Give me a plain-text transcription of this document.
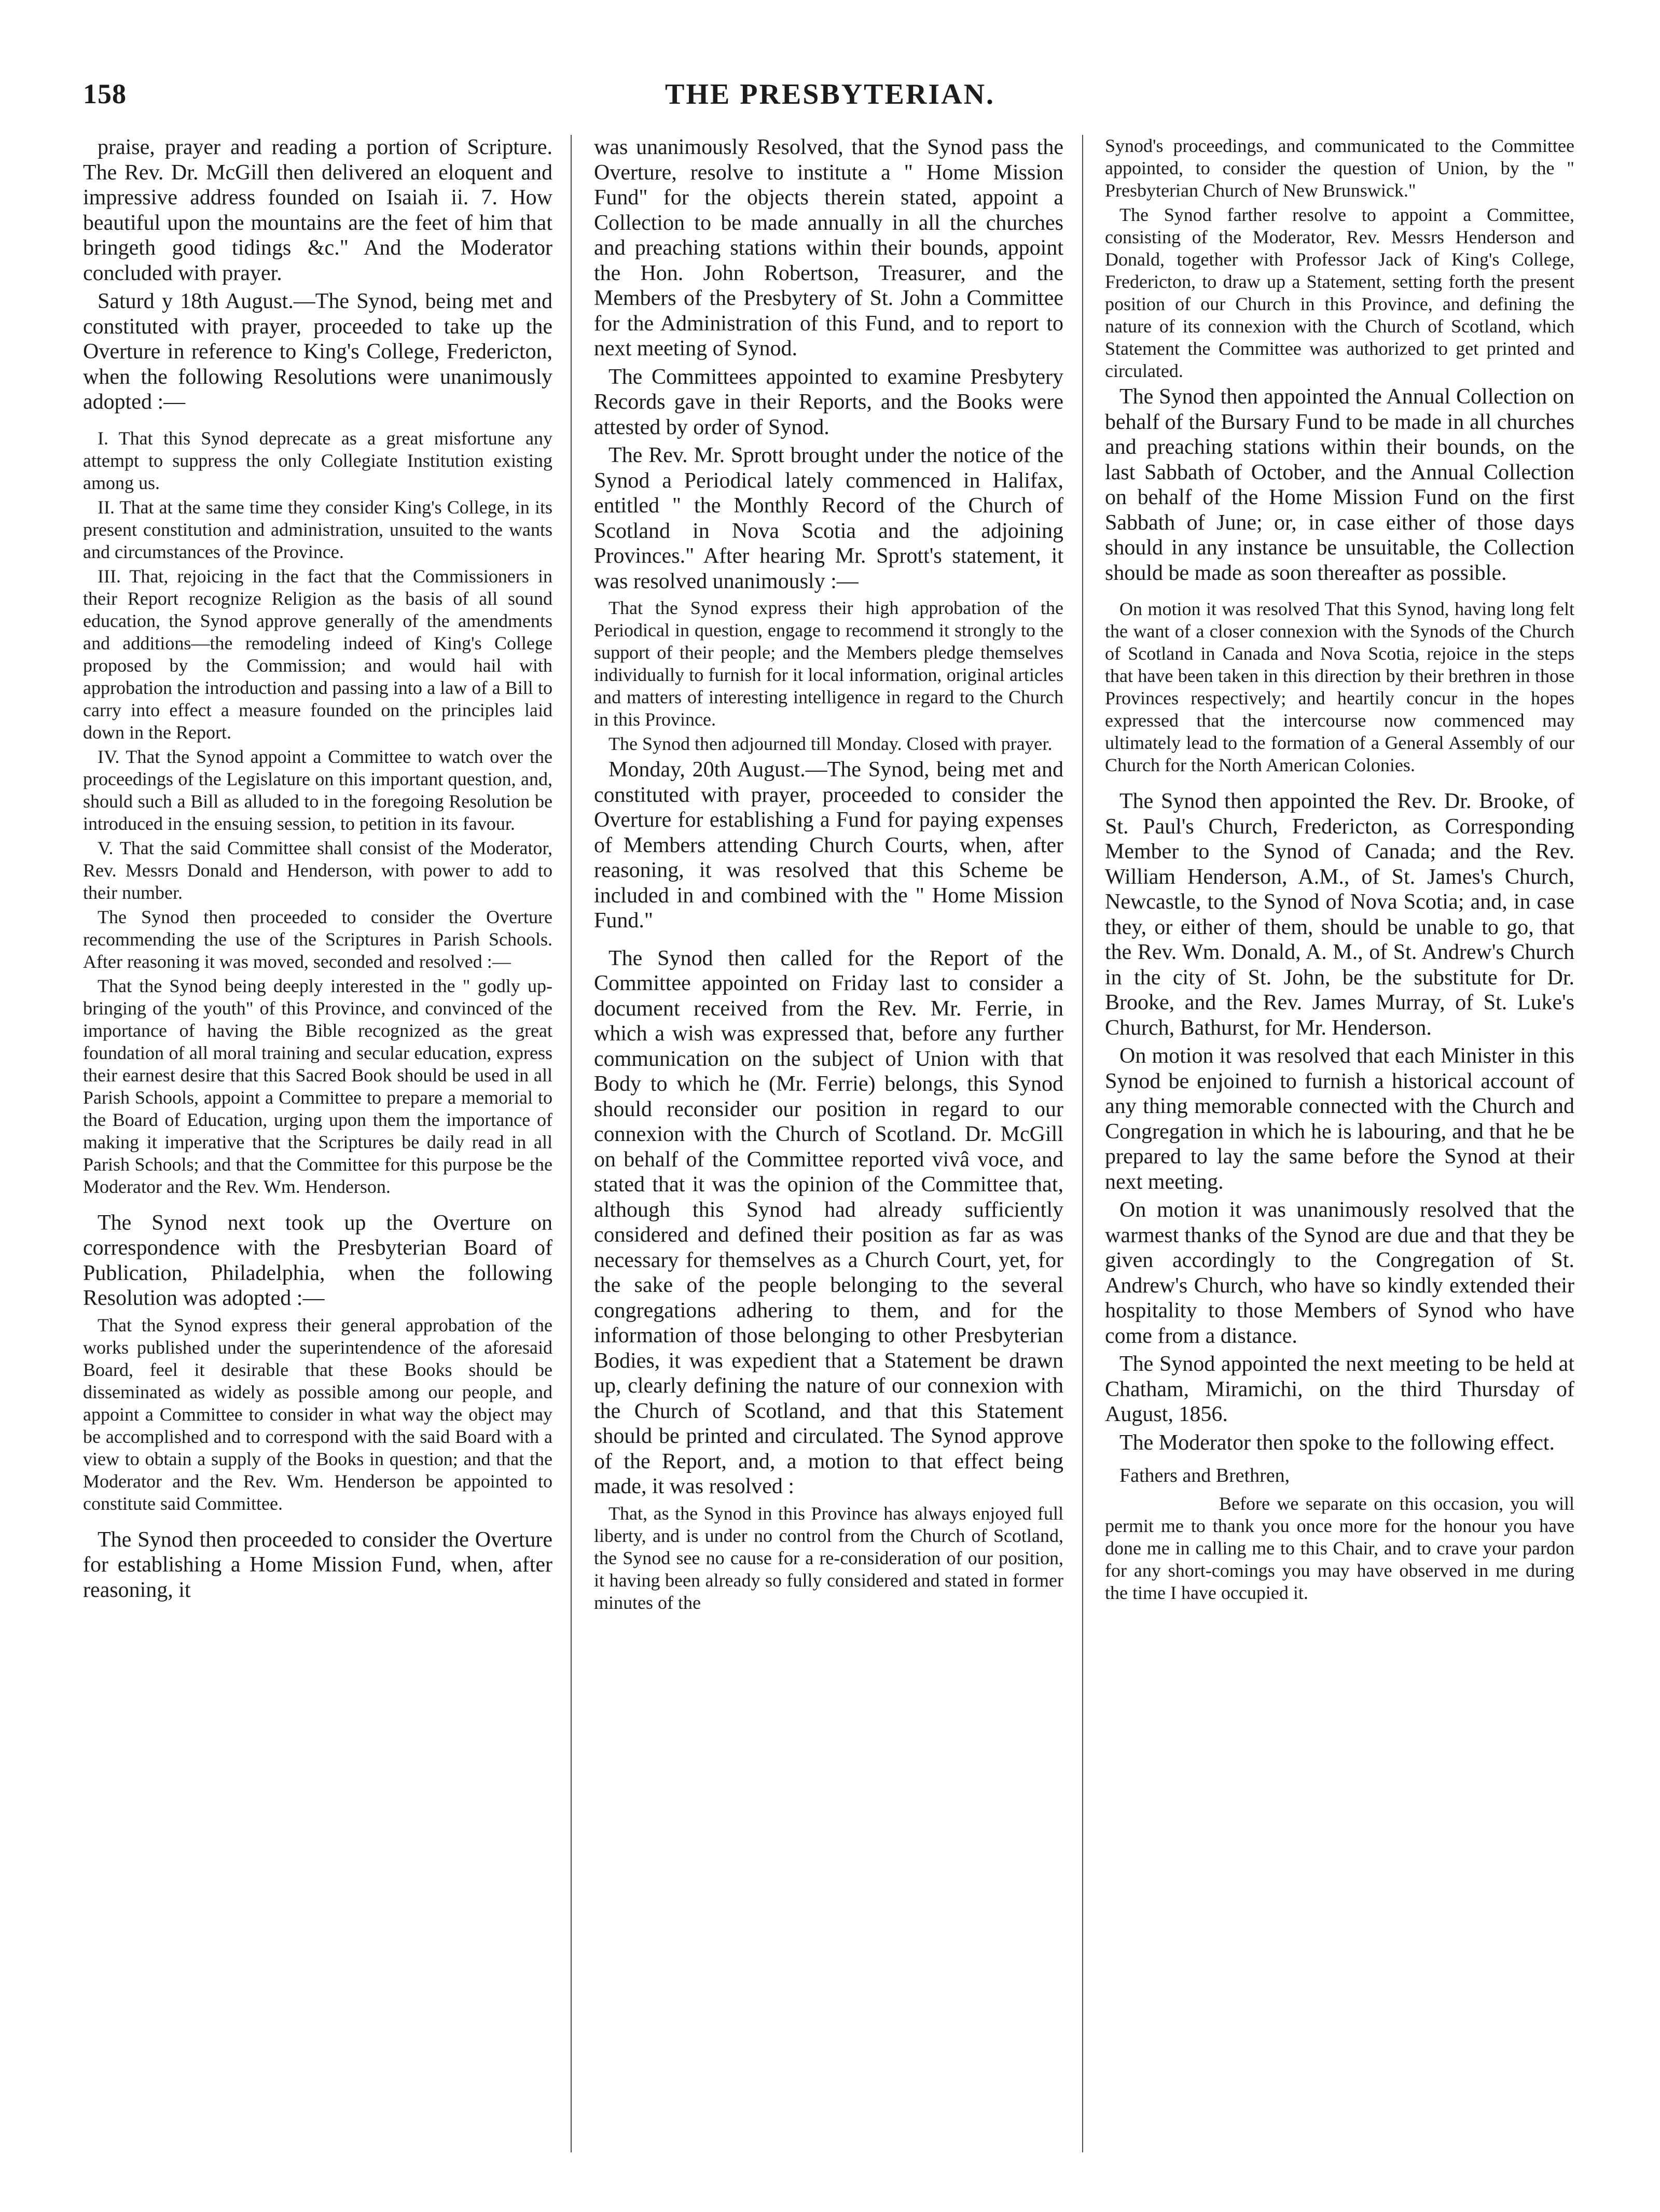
158	THE PRESBYTERIAN.

praise, prayer and reading a portion of Scripture. The Rev. Dr. McGill then delivered an eloquent and impressive address founded on Isaiah ii. 7. How beautiful upon the mountains are the feet of him that bringeth good tidings &c." And the Moderator concluded with prayer.

Saturd y 18th August.—The Synod, being met and constituted with prayer, proceeded to take up the Overture in reference to King's College, Fredericton, when the following Resolutions were unanimously adopted :—

I. That this Synod deprecate as a great misfortune any attempt to suppress the only Collegiate Institution existing among us.

II. That at the same time they consider King's College, in its present constitution and administration, unsuited to the wants and circumstances of the Province.

III. That, rejoicing in the fact that the Commissioners in their Report recognize Religion as the basis of all sound education, the Synod approve generally of the amendments and additions—the remodeling indeed of King's College proposed by the Commission; and would hail with approbation the introduction and passing into a law of a Bill to carry into effect a measure founded on the principles laid down in the Report.

IV. That the Synod appoint a Committee to watch over the proceedings of the Legislature on this important question, and, should such a Bill as alluded to in the foregoing Resolution be introduced in the ensuing session, to petition in its favour.

V. That the said Committee shall consist of the Moderator, Rev. Messrs Donald and Henderson, with power to add to their number.

The Synod then proceeded to consider the Overture recommending the use of the Scriptures in Parish Schools. After reasoning it was moved, seconded and resolved :—

That the Synod being deeply interested in the " godly up-bringing of the youth" of this Province, and convinced of the importance of having the Bible recognized as the great foundation of all moral training and secular education, express their earnest desire that this Sacred Book should be used in all Parish Schools, appoint a Committee to prepare a memorial to the Board of Education, urging upon them the importance of making it imperative that the Scriptures be daily read in all Parish Schools; and that the Committee for this purpose be the Moderator and the Rev. Wm. Henderson.

The Synod next took up the Overture on correspondence with the Presbyterian Board of Publication, Philadelphia, when the following Resolution was adopted :—

That the Synod express their general approbation of the works published under the superintendence of the aforesaid Board, feel it desirable that these Books should be disseminated as widely as possible among our people, and appoint a Committee to consider in what way the object may be accomplished and to correspond with the said Board with a view to obtain a supply of the Books in question; and that the Moderator and the Rev. Wm. Henderson be appointed to constitute said Committee.

The Synod then proceeded to consider the Overture for establishing a Home Mission Fund, when, after reasoning, it

was unanimously Resolved, that the Synod pass the Overture, resolve to institute a " Home Mission Fund" for the objects therein stated, appoint a Collection to be made annually in all the churches and preaching stations within their bounds, appoint the Hon. John Robertson, Treasurer, and the Members of the Presbytery of St. John a Committee for the Administration of this Fund, and to report to next meeting of Synod.

The Committees appointed to examine Presbytery Records gave in their Reports, and the Books were attested by order of Synod.

The Rev. Mr. Sprott brought under the notice of the Synod a Periodical lately commenced in Halifax, entitled " the Monthly Record of the Church of Scotland in Nova Scotia and the adjoining Provinces." After hearing Mr. Sprott's statement, it was resolved unanimously :—

That the Synod express their high approbation of the Periodical in question, engage to recommend it strongly to the support of their people; and the Members pledge themselves individually to furnish for it local information, original articles and matters of interesting intelligence in regard to the Church in this Province.

The Synod then adjourned till Monday. Closed with prayer.

Monday, 20th August.—The Synod, being met and constituted with prayer, proceeded to consider the Overture for establishing a Fund for paying expenses of Members attending Church Courts, when, after reasoning, it was resolved that this Scheme be included in and combined with the " Home Mission Fund."

The Synod then called for the Report of the Committee appointed on Friday last to consider a document received from the Rev. Mr. Ferrie, in which a wish was expressed that, before any further communication on the subject of Union with that Body to which he (Mr. Ferrie) belongs, this Synod should reconsider our position in regard to our connexion with the Church of Scotland. Dr. McGill on behalf of the Committee reported vivâ voce, and stated that it was the opinion of the Committee that, although this Synod had already sufficiently considered and defined their position as far as was necessary for themselves as a Church Court, yet, for the sake of the people belonging to the several congregations adhering to them, and for the information of those belonging to other Presbyterian Bodies, it was expedient that a Statement be drawn up, clearly defining the nature of our connexion with the Church of Scotland, and that this Statement should be printed and circulated. The Synod approve of the Report, and, a motion to that effect being made, it was resolved :

That, as the Synod in this Province has always enjoyed full liberty, and is under no control from the Church of Scotland, the Synod see no cause for a re-consideration of our position, it having been already so fully considered and stated in former minutes of the

Synod's proceedings, and communicated to the Committee appointed, to consider the question of Union, by the " Presbyterian Church of New Brunswick."

The Synod farther resolve to appoint a Committee, consisting of the Moderator, Rev. Messrs Henderson and Donald, together with Professor Jack of King's College, Fredericton, to draw up a Statement, setting forth the present position of our Church in this Province, and defining the nature of its connexion with the Church of Scotland, which Statement the Committee was authorized to get printed and circulated.

The Synod then appointed the Annual Collection on behalf of the Bursary Fund to be made in all churches and preaching stations within their bounds, on the last Sabbath of October, and the Annual Collection on behalf of the Home Mission Fund on the first Sabbath of June; or, in case either of those days should in any instance be unsuitable, the Collection should be made as soon thereafter as possible.

On motion it was resolved That this Synod, having long felt the want of a closer connexion with the Synods of the Church of Scotland in Canada and Nova Scotia, rejoice in the steps that have been taken in this direction by their brethren in those Provinces respectively; and heartily concur in the hopes expressed that the intercourse now commenced may ultimately lead to the formation of a General Assembly of our Church for the North American Colonies.

The Synod then appointed the Rev. Dr. Brooke, of St. Paul's Church, Fredericton, as Corresponding Member to the Synod of Canada; and the Rev. William Henderson, A.M., of St. James's Church, Newcastle, to the Synod of Nova Scotia; and, in case they, or either of them, should be unable to go, that the Rev. Wm. Donald, A. M., of St. Andrew's Church in the city of St. John, be the substitute for Dr. Brooke, and the Rev. James Murray, of St. Luke's Church, Bathurst, for Mr. Henderson.

On motion it was resolved that each Minister in this Synod be enjoined to furnish a historical account of any thing memorable connected with the Church and Congregation in which he is labouring, and that he be prepared to lay the same before the Synod at their next meeting.

On motion it was unanimously resolved that the warmest thanks of the Synod are due and that they be given accordingly to the Congregation of St. Andrew's Church, who have so kindly extended their hospitality to those Members of Synod who have come from a distance.

The Synod appointed the next meeting to be held at Chatham, Miramichi, on the third Thursday of August, 1856.

The Moderator then spoke to the following effect.

Fathers and Brethren,

Before we separate on this occasion, you will permit me to thank you once more for the honour you have done me in calling me to this Chair, and to crave your pardon for any short-comings you may have observed in me during the time I have occupied it.
